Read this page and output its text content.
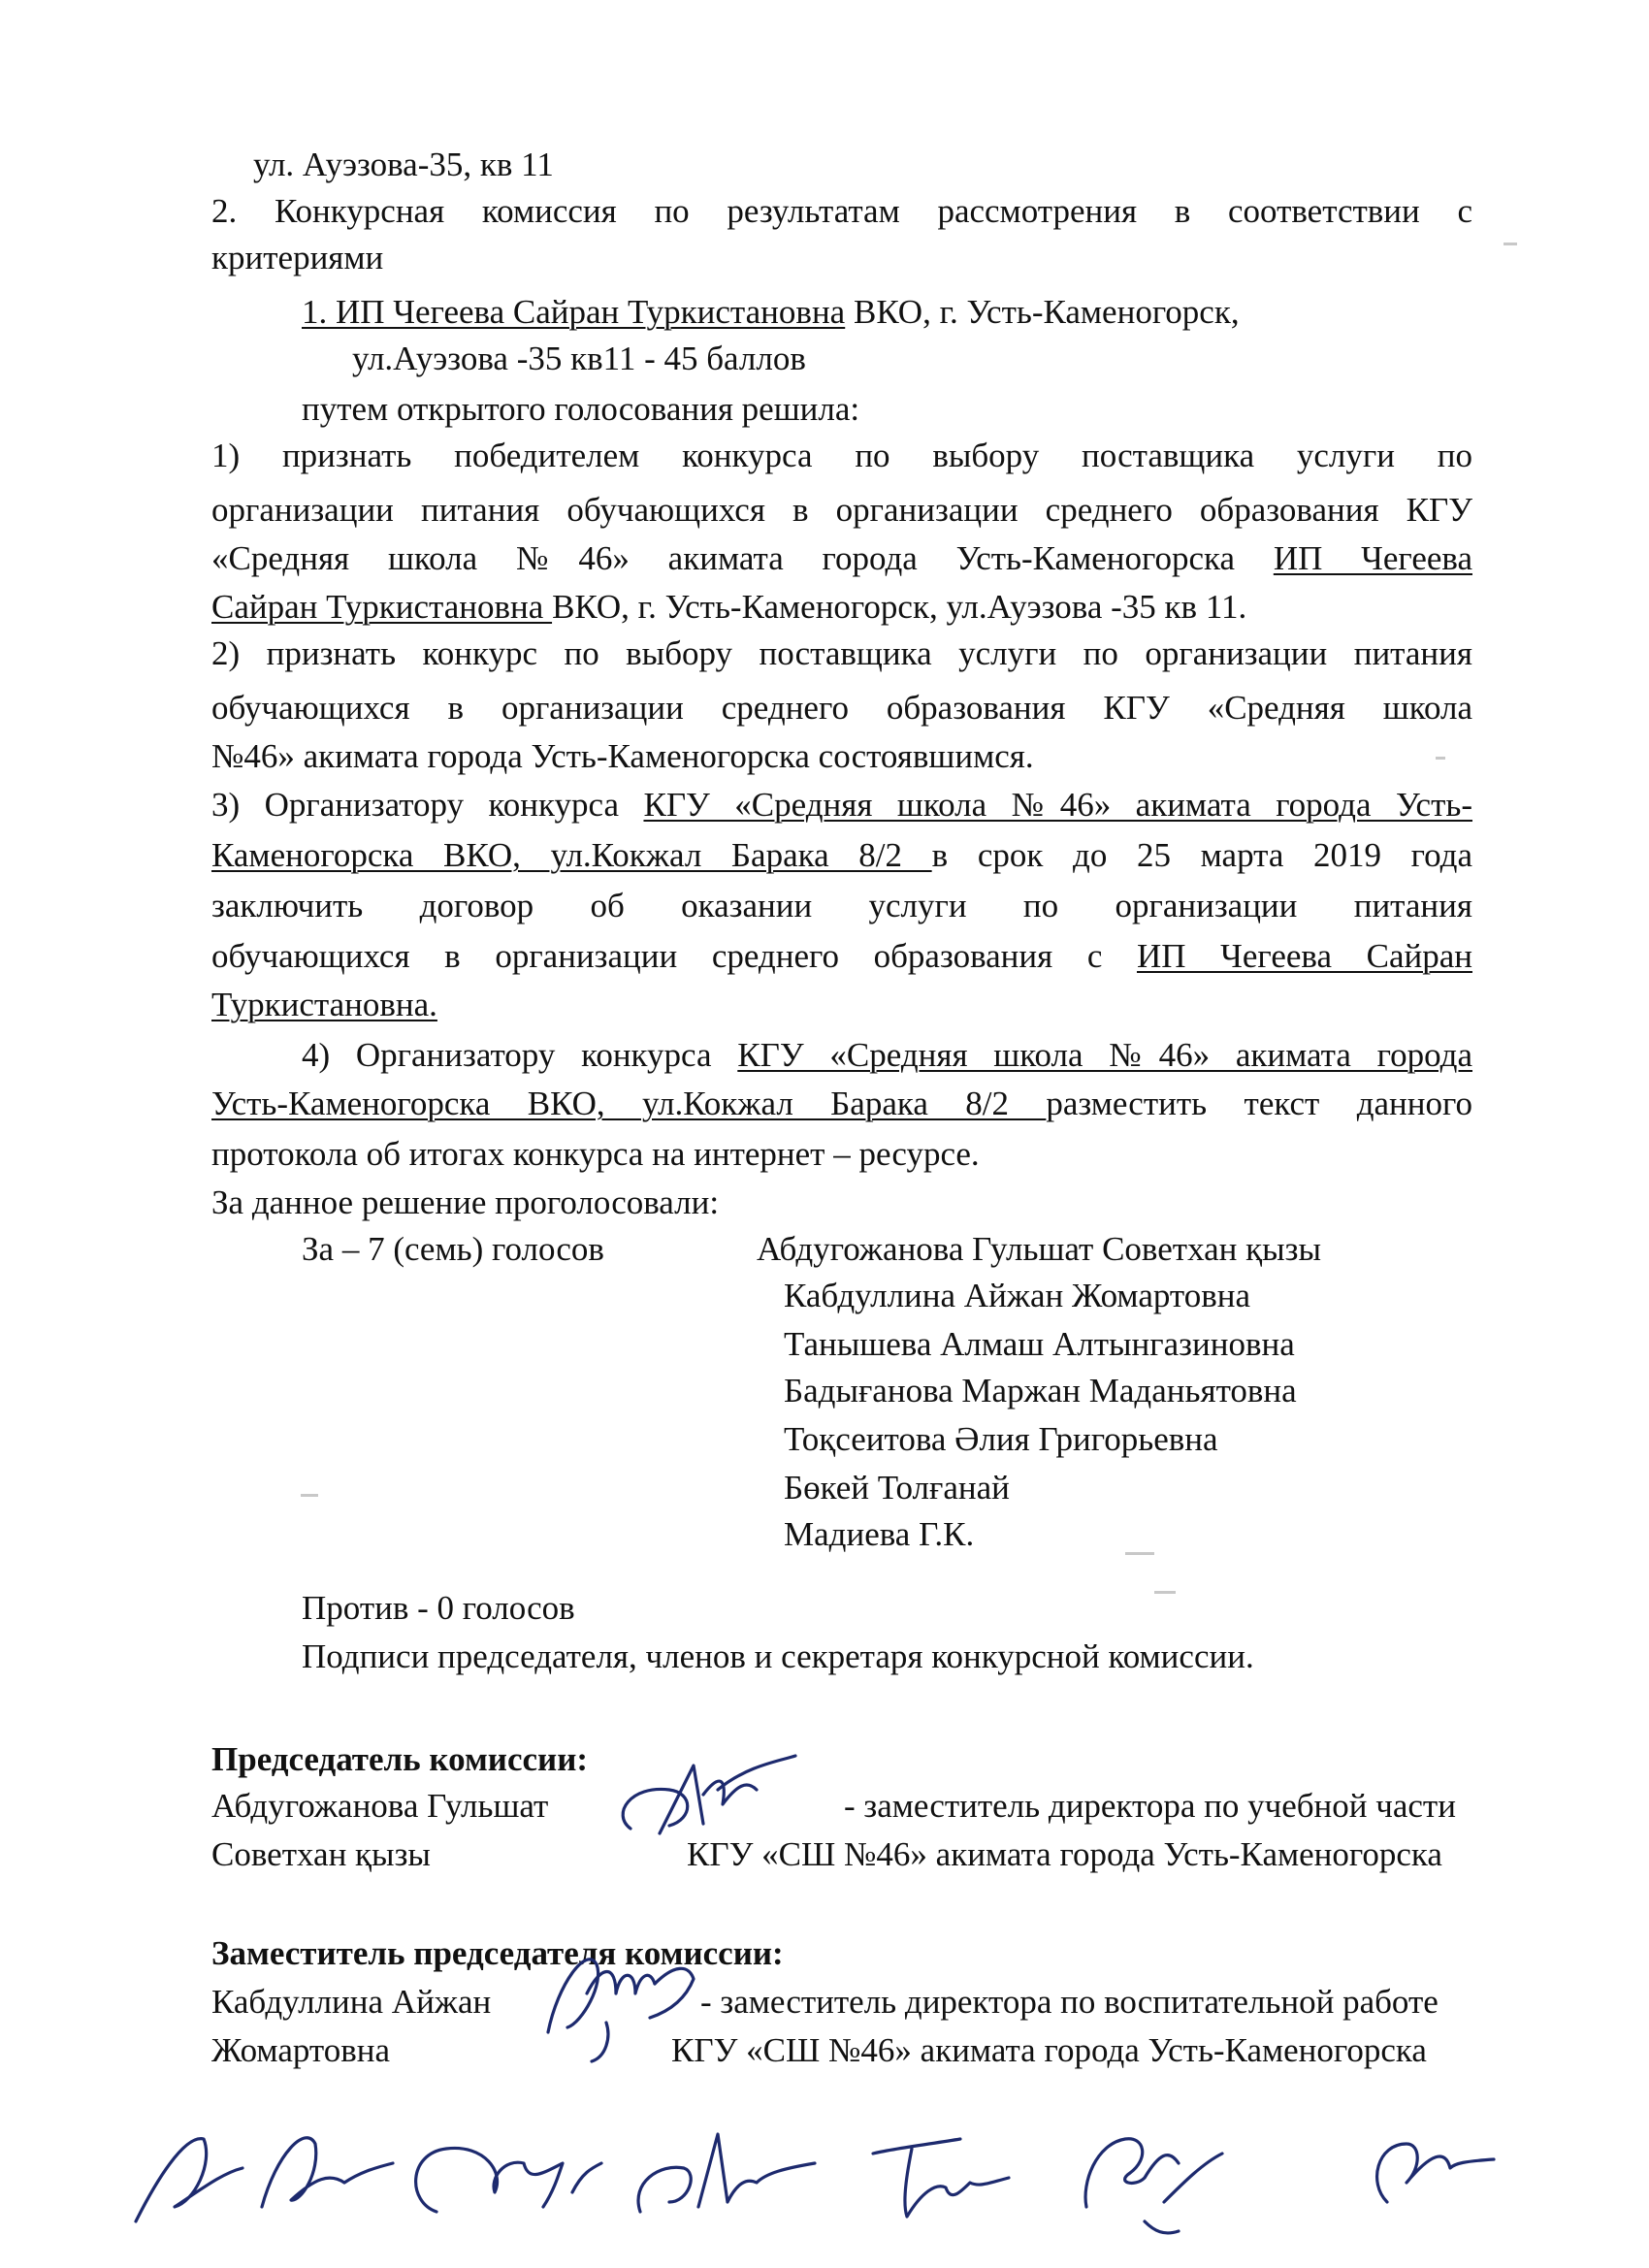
ул. Ауэзова-35, кв 11
2. Конкурсная комиссия по результатам рассмотрения в соответствии с
критериями
1. ИП Чегеева Сайран Туркистановна ВКО, г. Усть-Каменогорск,
ул.Ауэзова -35 кв11 - 45 баллов
путем открытого голосования решила:
1) признать победителем конкурса по выбору поставщика услуги по
организации питания обучающихся в организации среднего образования КГУ
«Средняя школа №46» акимата города Усть-Каменогорска ИП Чегеева
Сайран Туркистановна ВКО, г. Усть-Каменогорск, ул.Ауэзова -35 кв 11.
2) признать конкурс по выбору поставщика услуги по организации питания
обучающихся в организации среднего образования КГУ «Средняя школа
№46» акимата города Усть-Каменогорска состоявшимся.
3) Организатору конкурса КГУ «Средняя школа №46» акимата города Усть-
Каменогорска ВКО, ул.Кокжал Барака 8/2 в срок до 25 марта 2019 года
заключить договор об оказании услуги по организации питания
обучающихся в организации среднего образования с ИП Чегеева Сайран
Туркистановна.
4) Организатору конкурса КГУ «Средняя школа №46» акимата города
Усть-Каменогорска ВКО, ул.Кокжал Барака 8/2 разместить текст данного
протокола об итогах конкурса на интернет – ресурсе.
За данное решение проголосовали:
За – 7 (семь) голосов	Абдугожанова Гульшат Советхан қызы
Кабдуллина Айжан Жомартовна
Танышева Алмаш Алтынгазиновна
Бадығанова Маржан Маданьятовна
Тоқсеитова Әлия Григорьевна
Бөкей Толғанай
Мадиева Г.К.
Против - 0 голосов
Подписи председателя, членов и секретаря конкурсной комиссии.
Председатель комиссии:
Абдугожанова Гульшат	- заместитель директора по учебной части
Советхан қызы	КГУ «СШ №46» акимата города Усть-Каменогорска
Заместитель председателя комиссии:
Кабдуллина Айжан	- заместитель директора по воспитательной работе
Жомартовна	КГУ «СШ №46» акимата города Усть-Каменогорска
